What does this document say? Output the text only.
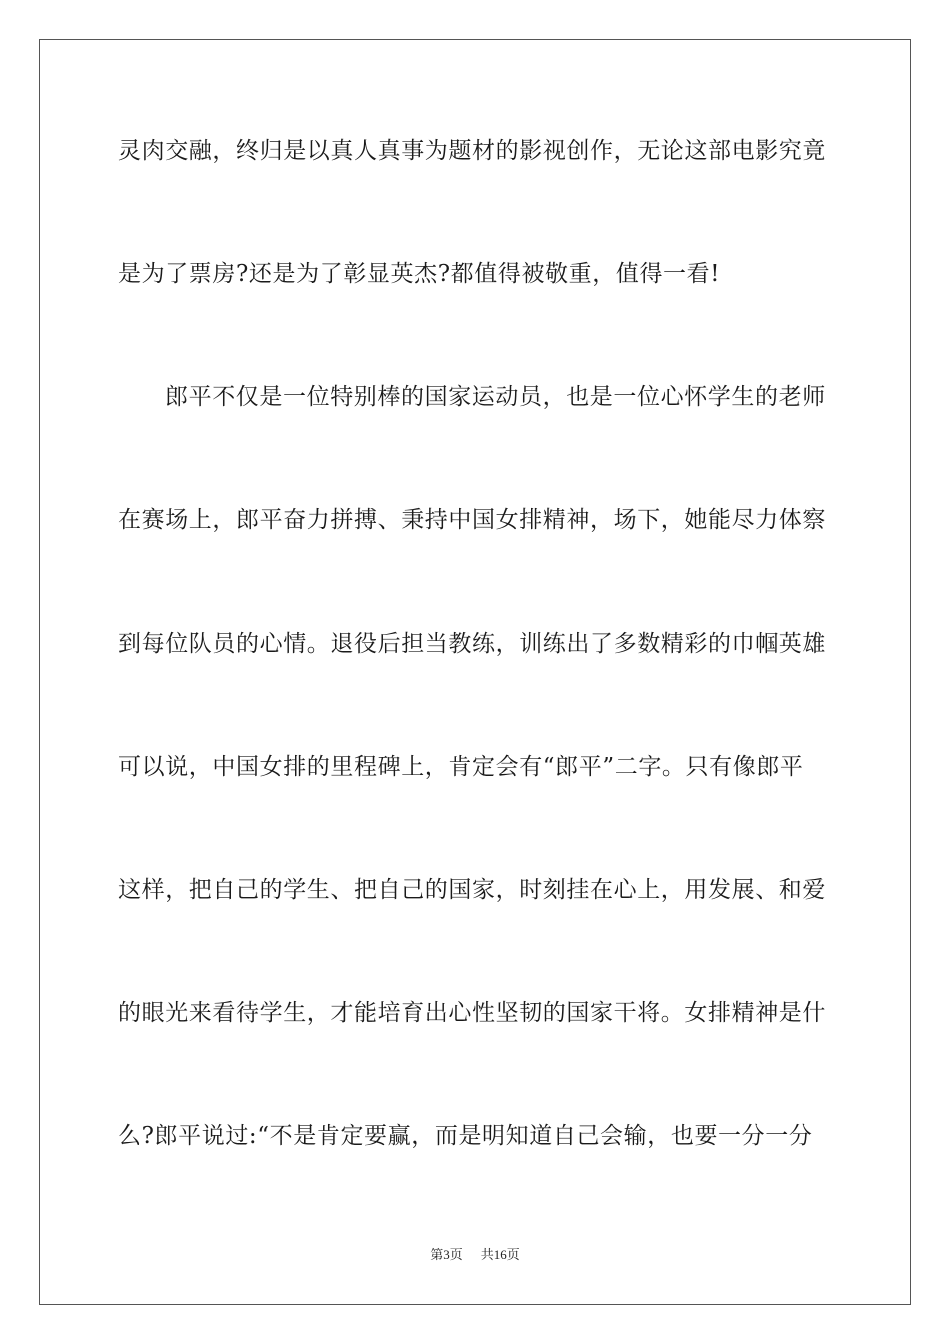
灵肉交融，终归是以真人真事为题材的影视创作，无论这部电影究竟
是为了票房?还是为了彰显英杰?都值得被敬重，值得一看!
郎平不仅是一位特别棒的国家运动员，也是一位心怀学生的老师
在赛场上，郎平奋力拼搏、秉持中国女排精神，场下，她能尽力体察
到每位队员的心情。退役后担当教练，训练出了多数精彩的巾帼英雄
可以说，中国女排的里程碑上，肯定会有“郎平”二字。只有像郎平
这样，把自己的学生、把自己的国家，时刻挂在心上，用发展、和爱
的眼光来看待学生，才能培育出心性坚韧的国家干将。女排精神是什
么?郎平说过:“不是肯定要赢，而是明知道自己会输，也要一分一分
第3页 共16页
